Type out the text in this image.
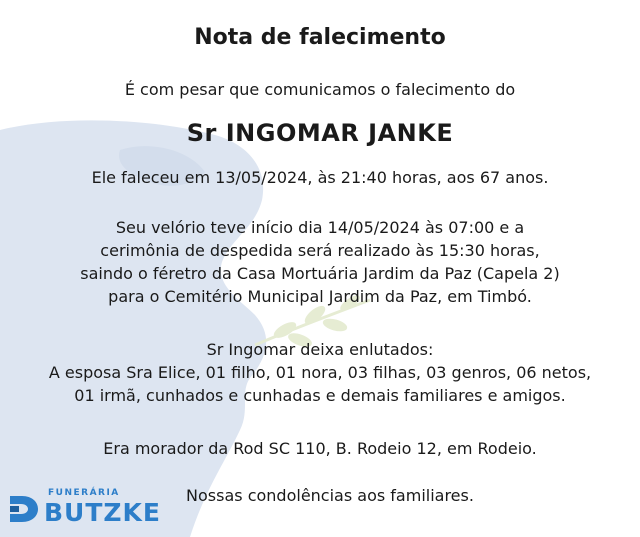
Nota de falecimento
É com pesar que comunicamos o falecimento do
Sr INGOMAR JANKE
Ele faleceu em 13/05/2024, às 21:40 horas, aos 67 anos.
Seu velório teve início dia 14/05/2024 às 07:00 e a
cerimônia de despedida será realizado às 15:30 horas,
saindo o féretro da Casa Mortuária Jardim da Paz (Capela 2)
para o Cemitério Municipal Jardim da Paz, em Timbó.
Sr Ingomar deixa enlutados:
A esposa Sra Elice, 01 filho, 01 nora, 03 filhas, 03 genros, 06 netos,
01 irmã, cunhados e cunhadas e demais familiares e amigos.
Era morador da Rod SC 110, B. Rodeio 12, em Rodeio.
Nossas condolências aos familiares.
FUNERÁRIA
BUTZKE
